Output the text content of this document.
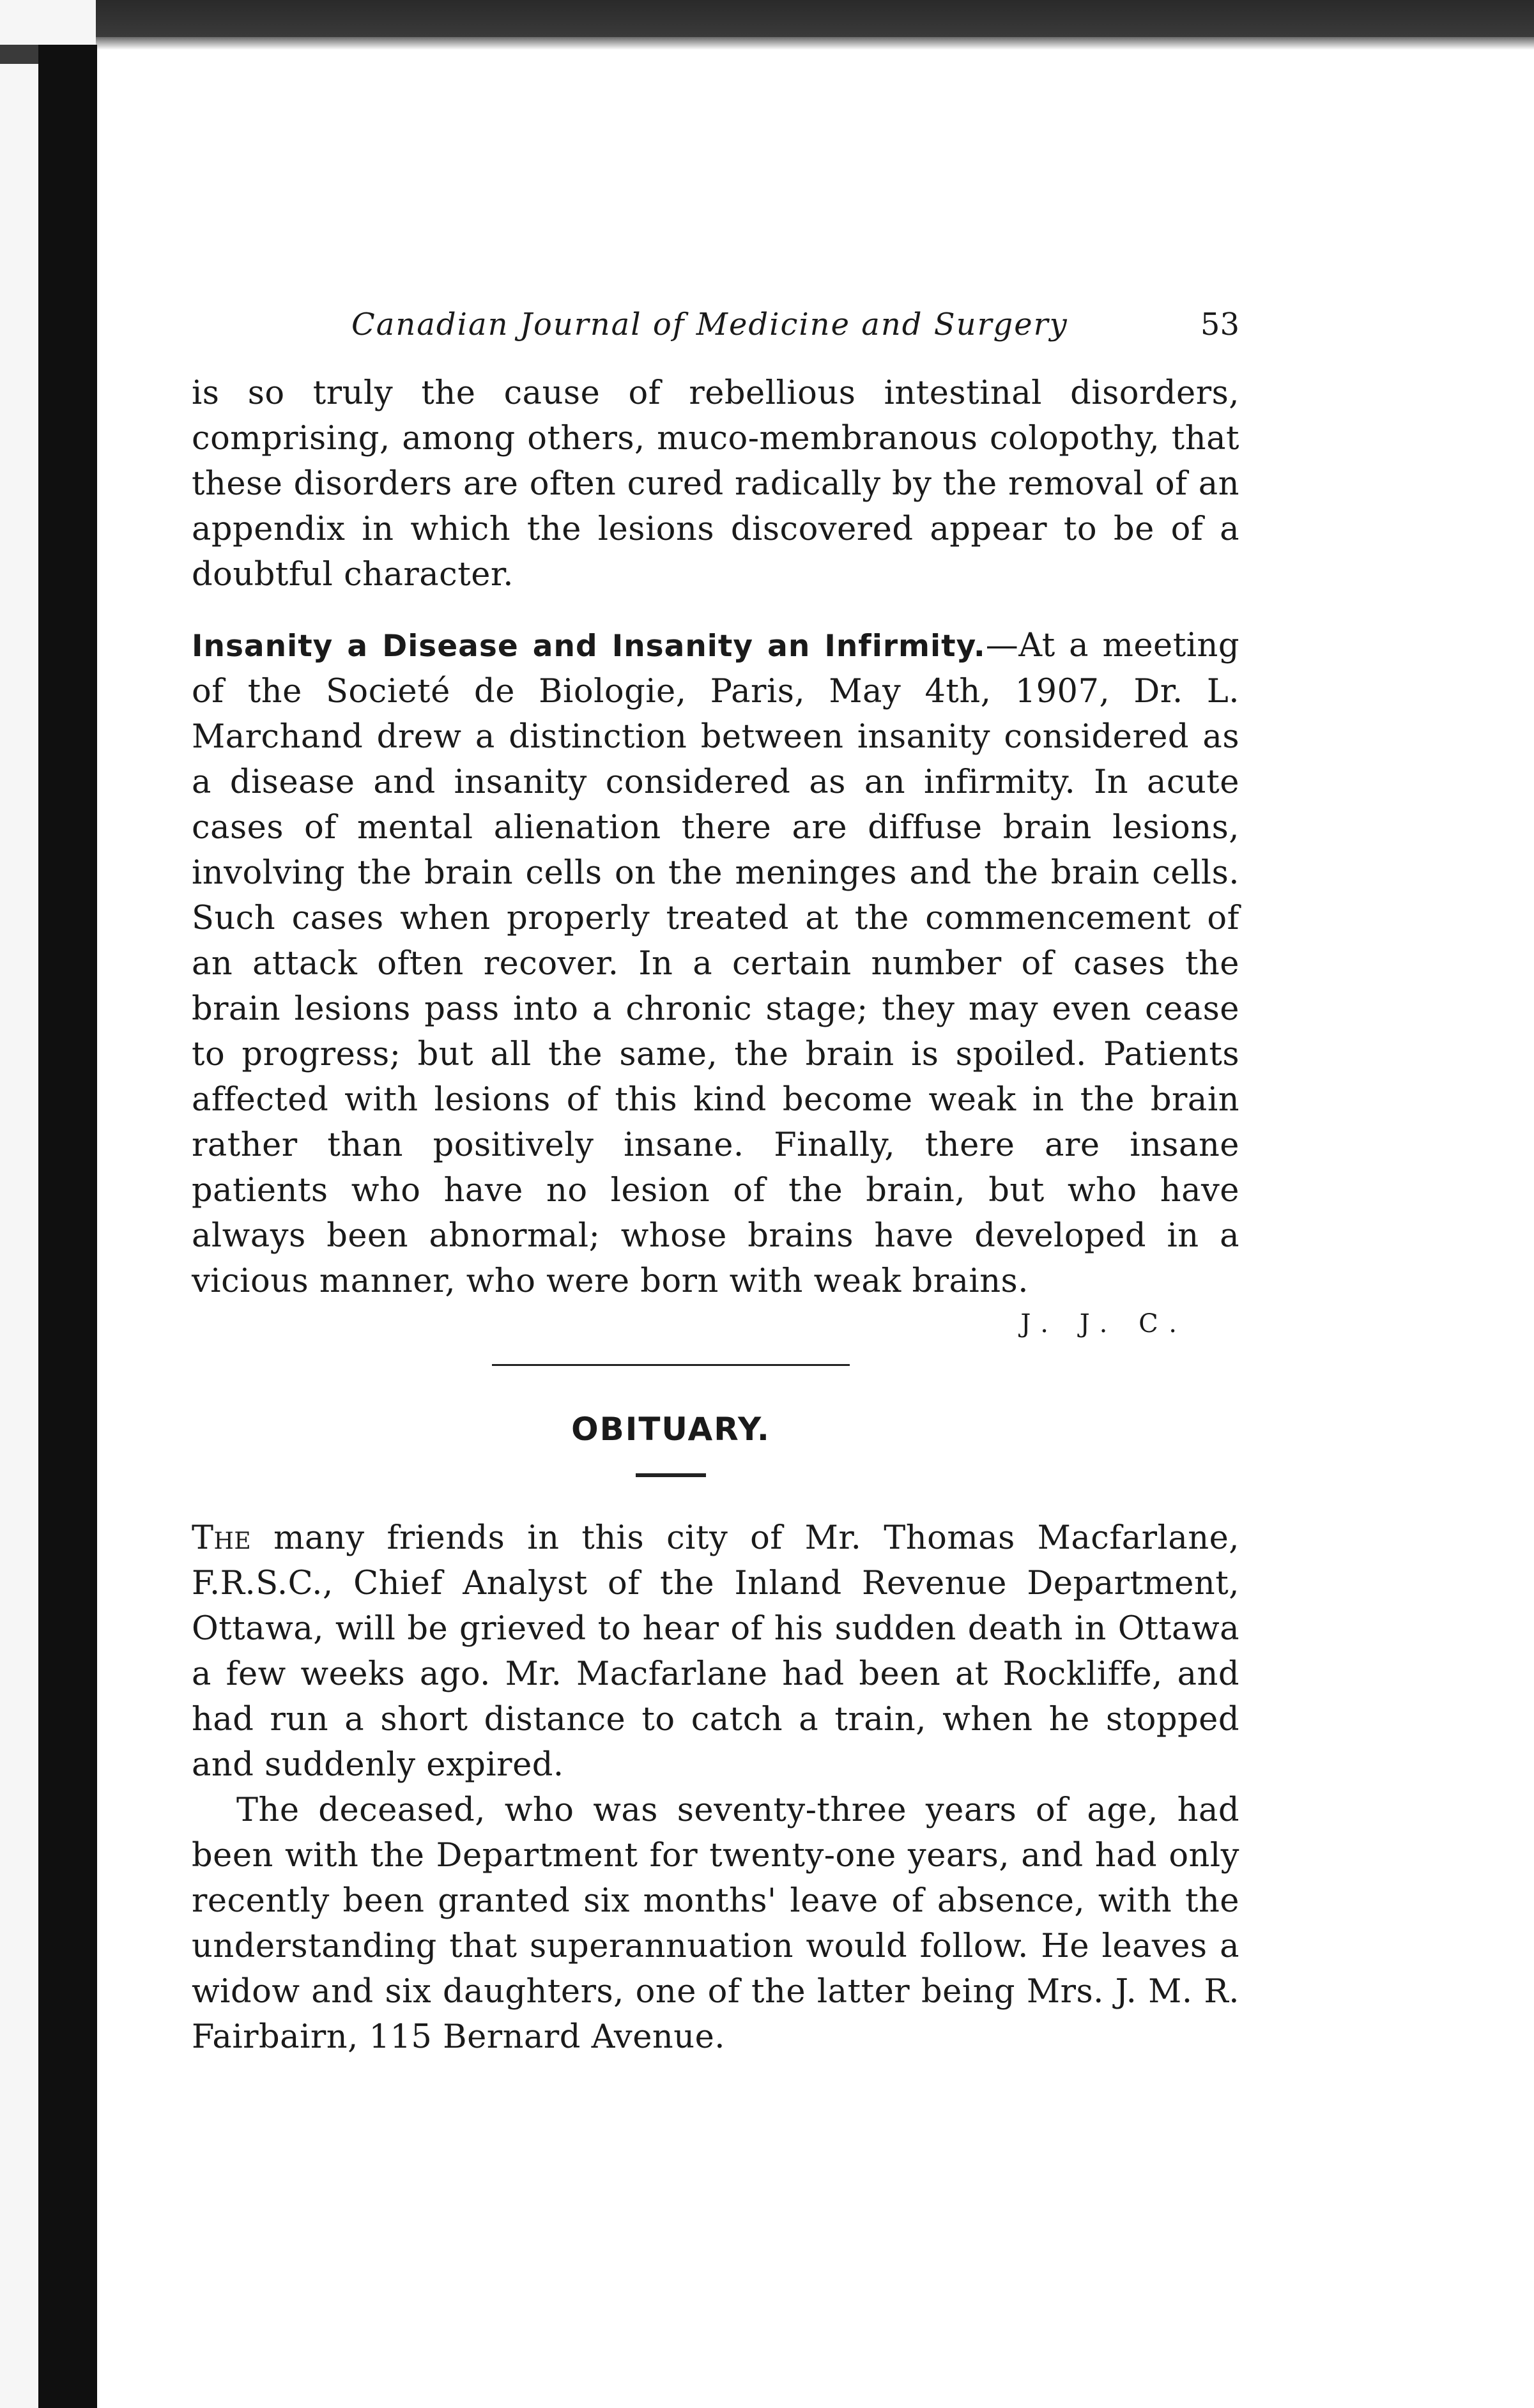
Canadian Journal of Medicine and Surgery	53

is so truly the cause of rebellious intestinal disorders, comprising, among others, muco-membranous colopothy, that these disorders are often cured radically by the removal of an appendix in which the lesions discovered appear to be of a doubtful character.

Insanity a Disease and Insanity an Infirmity.—At a meeting of the Societé de Biologie, Paris, May 4th, 1907, Dr. L. Marchand drew a distinction between insanity considered as a disease and insanity considered as an infirmity. In acute cases of mental alienation there are diffuse brain lesions, involving the brain cells on the meninges and the brain cells. Such cases when properly treated at the commencement of an attack often recover. In a certain number of cases the brain lesions pass into a chronic stage; they may even cease to progress; but all the same, the brain is spoiled. Patients affected with lesions of this kind become weak in the brain rather than positively insane. Finally, there are insane patients who have no lesion of the brain, but who have always been abnormal; whose brains have developed in a vicious manner, who were born with weak brains.

J. J. C.
OBITUARY.

The many friends in this city of Mr. Thomas Macfarlane, F.R.S.C., Chief Analyst of the Inland Revenue Department, Ottawa, will be grieved to hear of his sudden death in Ottawa a few weeks ago. Mr. Macfarlane had been at Rockliffe, and had run a short distance to catch a train, when he stopped and suddenly expired.

The deceased, who was seventy-three years of age, had been with the Department for twenty-one years, and had only recently been granted six months' leave of absence, with the understanding that superannuation would follow. He leaves a widow and six daughters, one of the latter being Mrs. J. M. R. Fairbairn, 115 Bernard Avenue.
